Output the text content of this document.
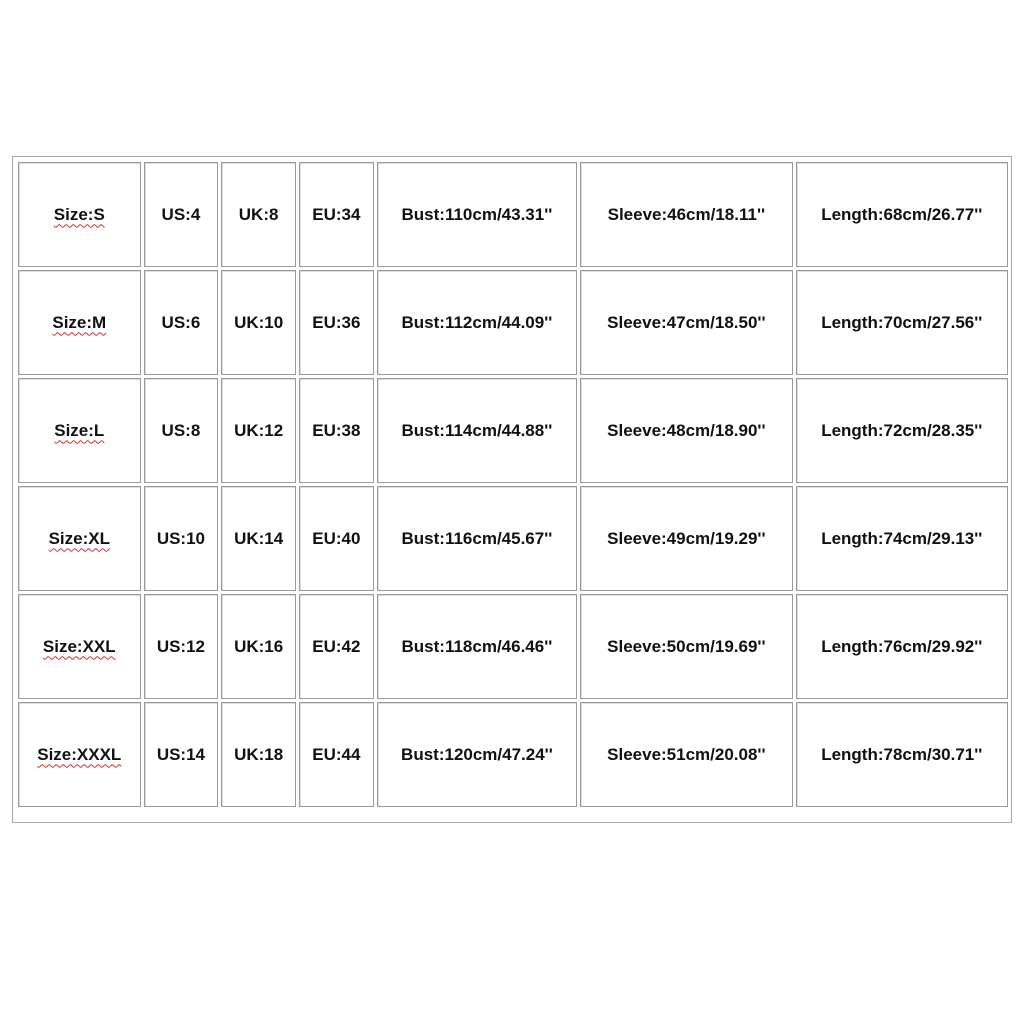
Size:S	US:4	UK:8	EU:34	Bust:110cm/43.31''	Sleeve:46cm/18.11''	Length:68cm/26.77''
Size:M	US:6	UK:10	EU:36	Bust:112cm/44.09''	Sleeve:47cm/18.50''	Length:70cm/27.56''
Size:L	US:8	UK:12	EU:38	Bust:114cm/44.88''	Sleeve:48cm/18.90''	Length:72cm/28.35''
Size:XL	US:10	UK:14	EU:40	Bust:116cm/45.67''	Sleeve:49cm/19.29''	Length:74cm/29.13''
Size:XXL	US:12	UK:16	EU:42	Bust:118cm/46.46''	Sleeve:50cm/19.69''	Length:76cm/29.92''
Size:XXXL	US:14	UK:18	EU:44	Bust:120cm/47.24''	Sleeve:51cm/20.08''	Length:78cm/30.71''
